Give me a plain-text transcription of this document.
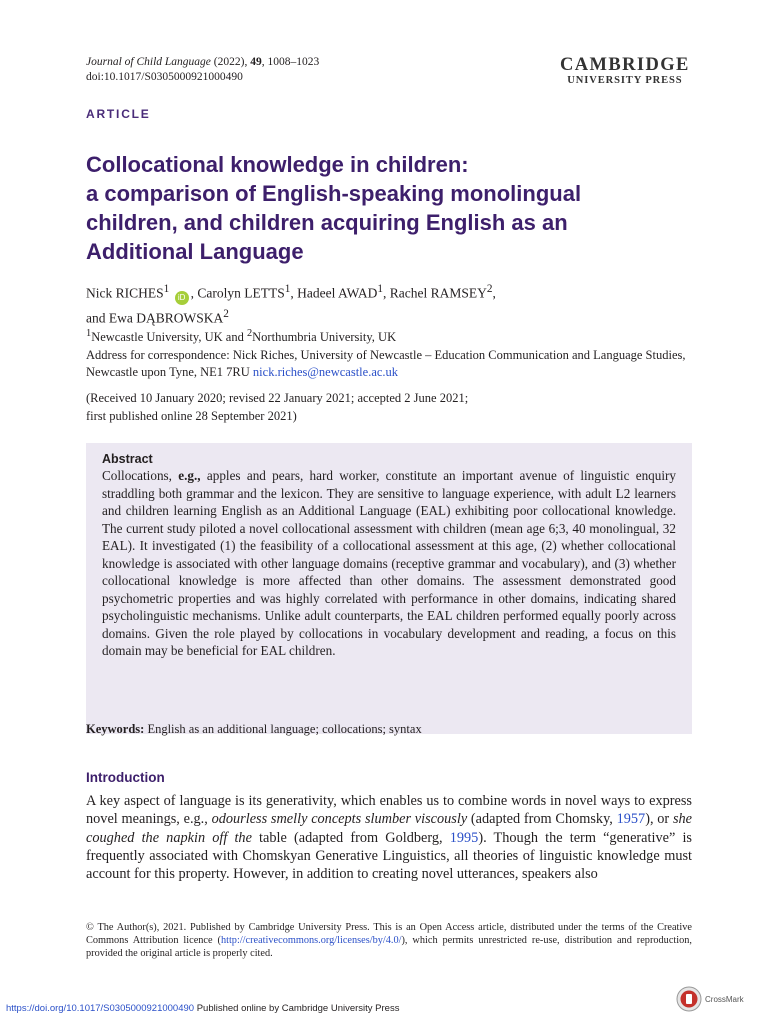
Journal of Child Language (2022), 49, 1008–1023
doi:10.1017/S0305000921000490
CAMBRIDGE
UNIVERSITY PRESS
ARTICLE
Collocational knowledge in children:
a comparison of English-speaking monolingual
children, and children acquiring English as an
Additional Language
Nick RICHES$^1$ iD , Carolyn LETTS$^1$, Hadeel AWAD$^1$, Rachel RAMSEY$^2$,
and Ewa DĄBROWSKA$^2$
$^1$Newcastle University, UK and $^2$Northumbria University, UK
Address for correspondence: Nick Riches, University of Newcastle – Education Communication and Language Studies, Newcastle upon Tyne, NE1 7RU nick.riches@newcastle.ac.uk
(Received 10 January 2020; revised 22 January 2021; accepted 2 June 2021;
first published online 28 September 2021)
Abstract

Collocations, e.g., apples and pears, hard worker, constitute an important avenue of linguistic enquiry straddling both grammar and the lexicon. They are sensitive to language experience, with adult L2 learners and children learning English as an Additional Language (EAL) exhibiting poor collocational knowledge. The current study piloted a novel collocational assessment with children (mean age 6;3, 40 monolingual, 32 EAL). It investigated (1) the feasibility of a collocational assessment at this age, (2) whether collocational knowledge is associated with other language domains (receptive grammar and vocabulary), and (3) whether collocational knowledge is more affected than other domains. The assessment demonstrated good psychometric properties and was highly correlated with performance in other domains, indicating shared psycholinguistic mechanisms. Unlike adult counterparts, the EAL children performed equally poorly across domains. Given the role played by collocations in vocabulary development and reading, a focus on this domain may be beneficial for EAL children.

Keywords: English as an additional language; collocations; syntax
Introduction

A key aspect of language is its generativity, which enables us to combine words in novel ways to express novel meanings, e.g., odourless smelly concepts slumber viscously (adapted from Chomsky, 1957), or she coughed the napkin off the table (adapted from Goldberg, 1995). Though the term “generative” is frequently associated with Chomskyan Generative Linguistics, all theories of linguistic knowledge must account for this property. However, in addition to creating novel utterances, speakers also

© The Author(s), 2021. Published by Cambridge University Press. This is an Open Access article, distributed under the terms of the Creative Commons Attribution licence (http://creativecommons.org/licenses/by/4.0/), which permits unrestricted re-use, distribution and reproduction, provided the original article is properly cited.

https://doi.org/10.1017/S0305000921000490 Published online by Cambridge University Press
CrossMark
